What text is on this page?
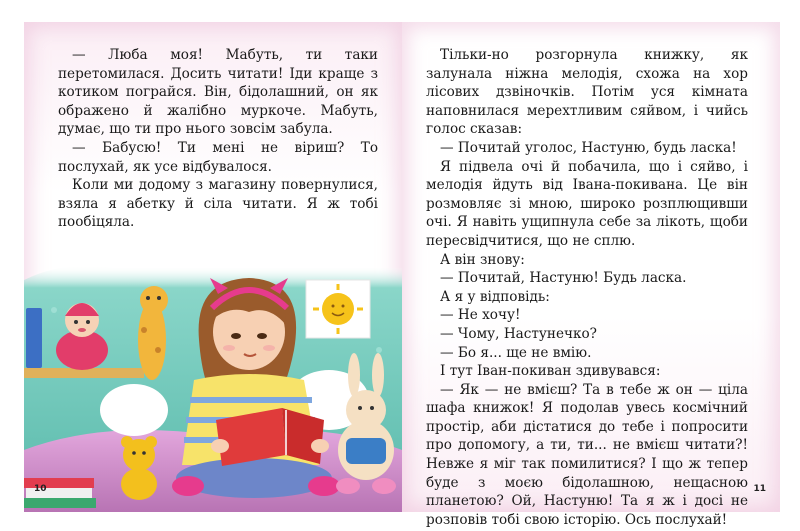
— Люба моя! Мабуть, ти таки перетомилася. Досить читати! Іди краще з котиком пограйся. Він, бідолашний, он як ображено й жалібно муркоче. Мабуть, думає, що ти про нього зовсім забула.

— Бабусю! Ти мені не віриш? То послухай, як усе відбувалося.

Коли ми додому з магазину повернулися, взяла я абетку й сіла читати. Я ж тобі пообіцяла.

10

Тільки-но розгорнула книжку, як залунала ніжна мелодія, схожа на хор лісових дзвіночків. Потім уся кімната наповнилася мерехтливим сяйвом, і чийсь голос сказав:

— Почитай уголос, Настуню, будь ласка!

Я підвела очі й побачила, що і сяйво, і мелодія йдуть від Івана-покивана. Це він розмовляє зі мною, широко розплющивши очі. Я навіть ущипнула себе за лікоть, щоби пересвідчитися, що не сплю.

А він знову:

— Почитай, Настуню! Будь ласка.

А я у відповідь:

— Не хочу!

— Чому, Настунечко?

— Бо я... ще не вмію.

І тут Іван-покиван здивувався:

— Як — не вмієш? Та в тебе ж он — ціла шафа книжок! Я подолав увесь космічний простір, аби дістатися до тебе і попросити про допомогу, а ти, ти... не вмієш читати?! Невже я міг так помилитися? І що ж тепер буде з моєю бідолашною, нещасною планетою? Ой, Настуню! Та я ж і досі не розповів тобі свою історію. Ось послухай!

11
